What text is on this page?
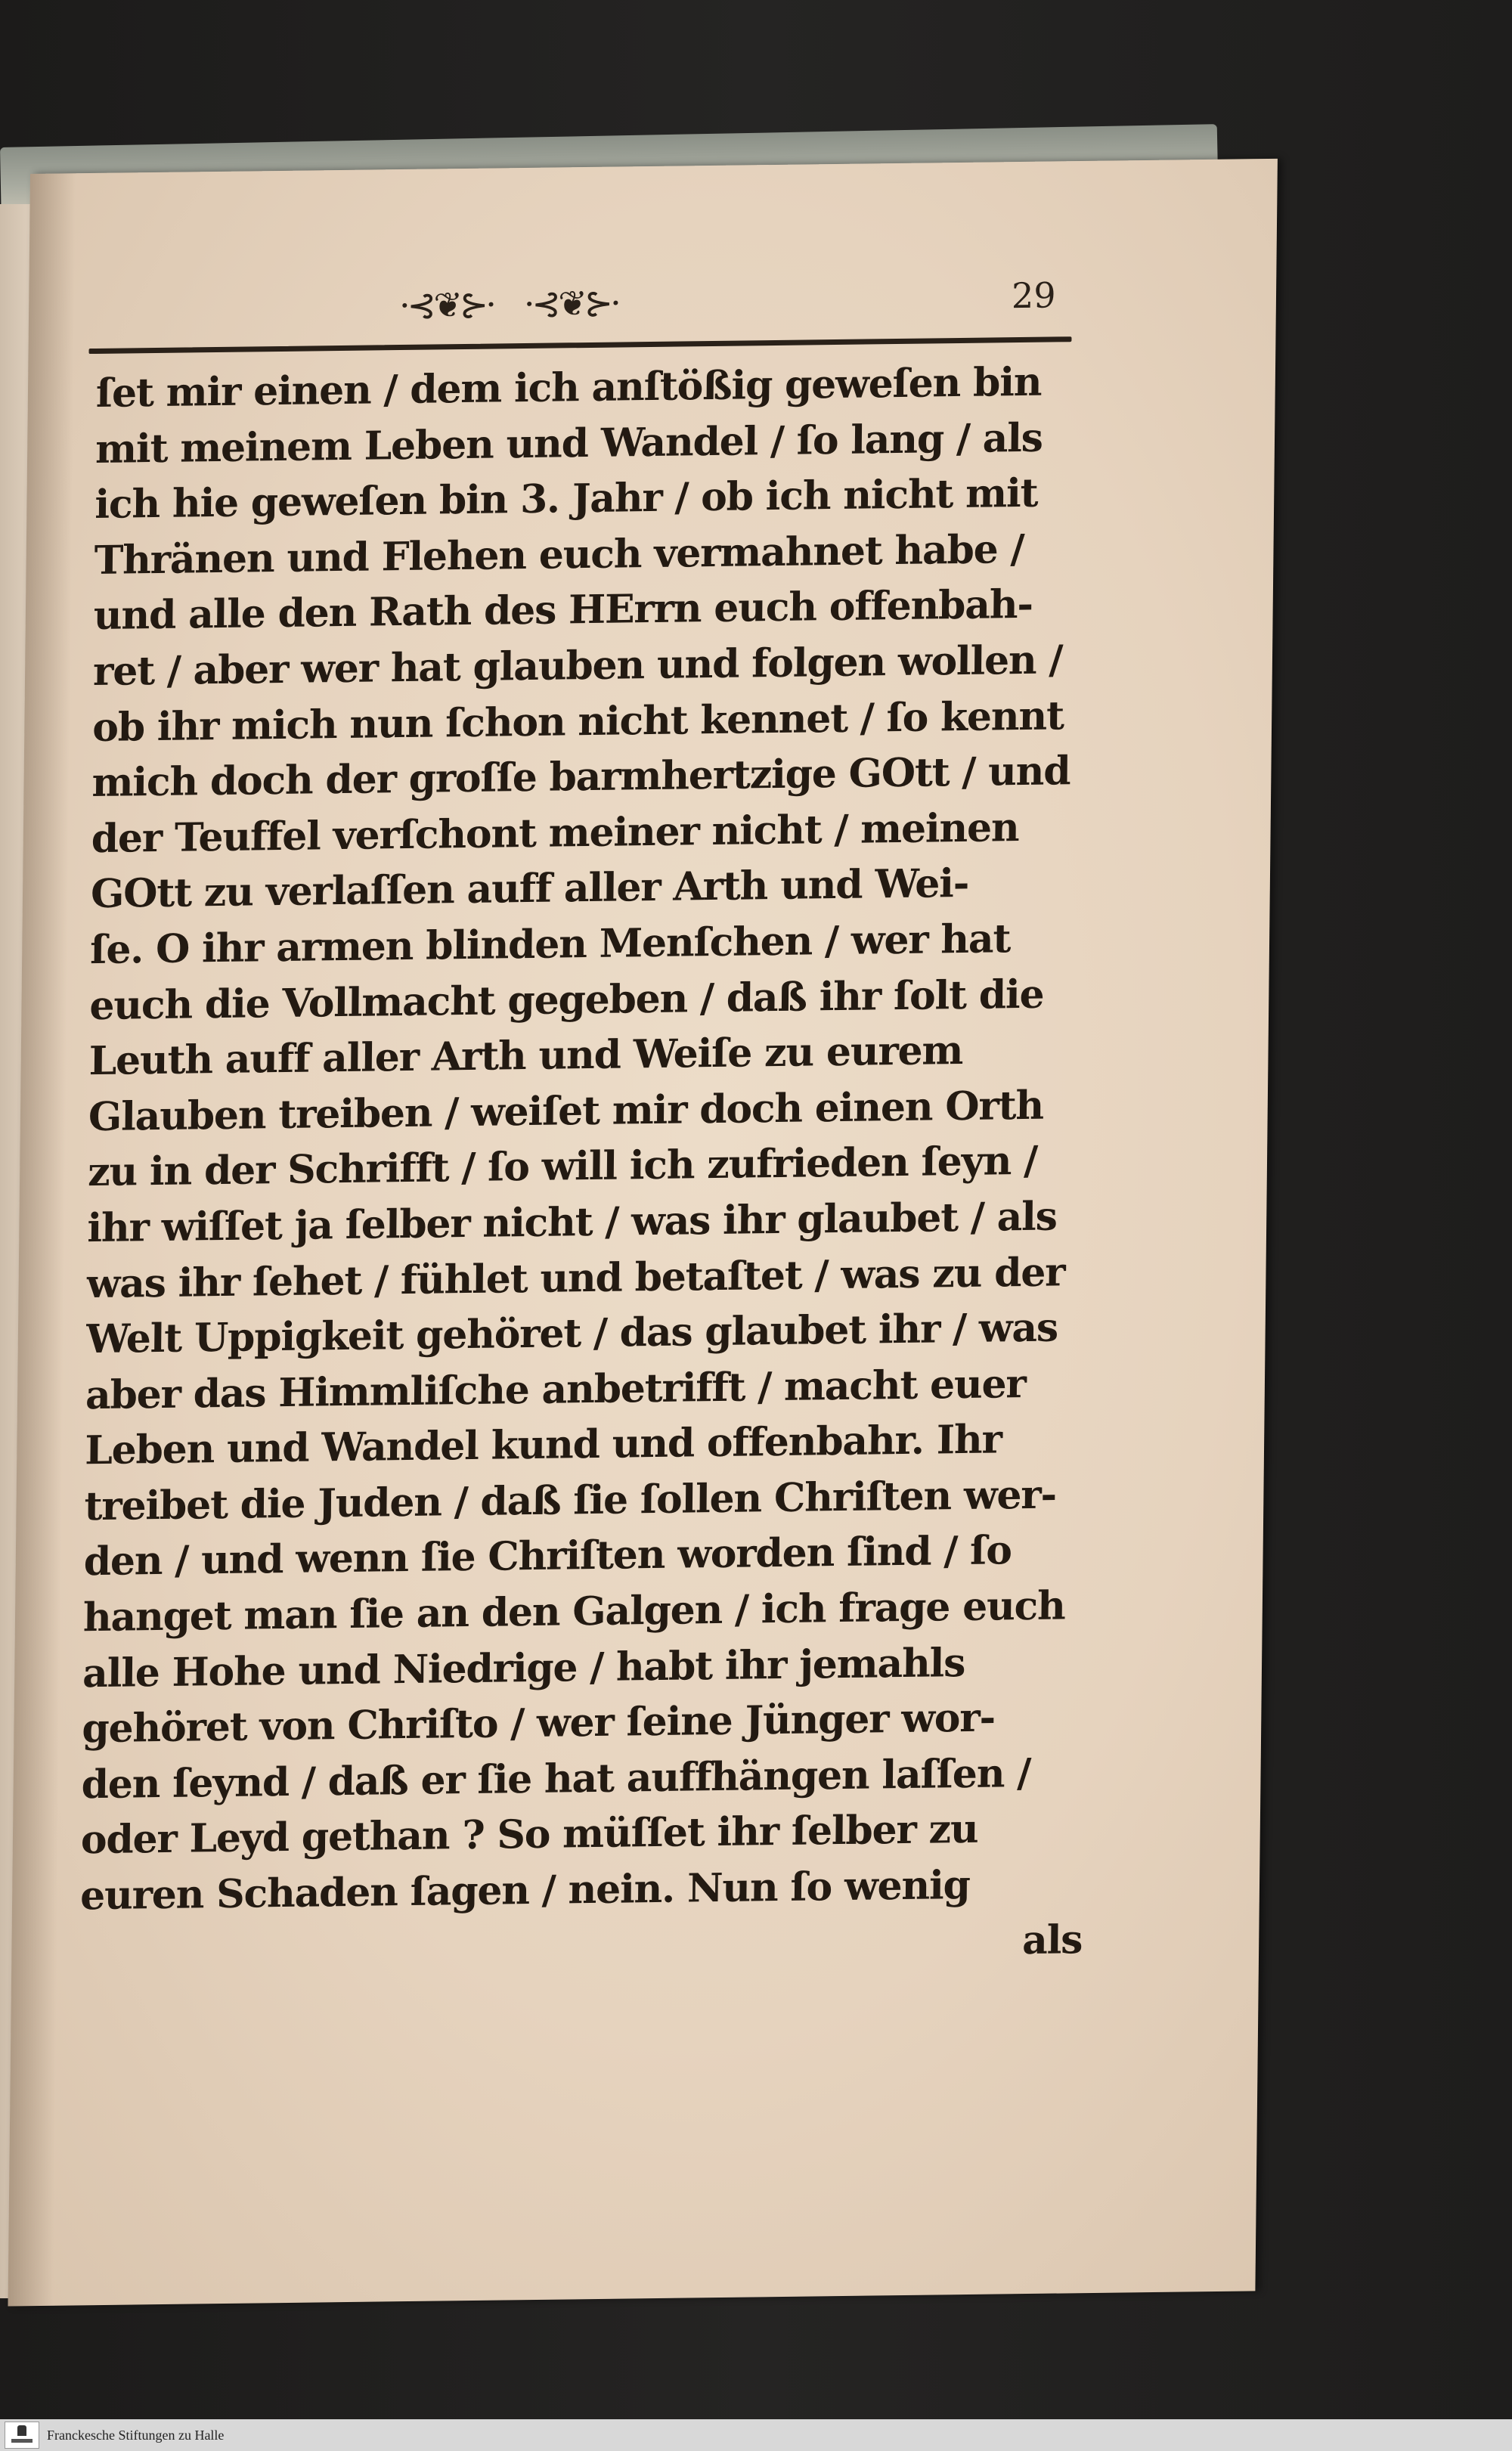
·⊰❦⊱· ·⊰❦⊱·	29
ſet mir einen / dem ich anſtößig geweſen bin
mit meinem Leben und Wandel / ſo lang / als
ich hie geweſen bin 3. Jahr / ob ich nicht mit
Thränen und Flehen euch vermahnet habe /
und alle den Rath des HErrn euch offenbah-
ret / aber wer hat glauben und folgen wollen /
ob ihr mich nun ſchon nicht kennet / ſo kennt
mich doch der groſſe barmhertzige GOtt / und
der Teuffel verſchont meiner nicht / meinen
GOtt zu verlaſſen auff aller Arth und Wei-
ſe. O ihr armen blinden Menſchen / wer hat
euch die Vollmacht gegeben / daß ihr ſolt die
Leuth auff aller Arth und Weiſe zu eurem
Glauben treiben / weiſet mir doch einen Orth
zu in der Schrifft / ſo will ich zufrieden ſeyn /
ihr wiſſet ja ſelber nicht / was ihr glaubet / als
was ihr ſehet / fühlet und betaſtet / was zu der
Welt Uppigkeit gehöret / das glaubet ihr / was
aber das Himmliſche anbetrifft / macht euer
Leben und Wandel kund und offenbahr. Ihr
treibet die Juden / daß ſie ſollen Chriſten wer-
den / und wenn ſie Chriſten worden ſind / ſo
hanget man ſie an den Galgen / ich frage euch
alle Hohe und Niedrige / habt ihr jemahls
gehöret von Chriſto / wer ſeine Jünger wor-
den ſeynd / daß er ſie hat auffhängen laſſen /
oder Leyd gethan ? So müſſet ihr ſelber zu
euren Schaden ſagen / nein. Nun ſo wenig
als
Franckesche Stiftungen zu Halle
